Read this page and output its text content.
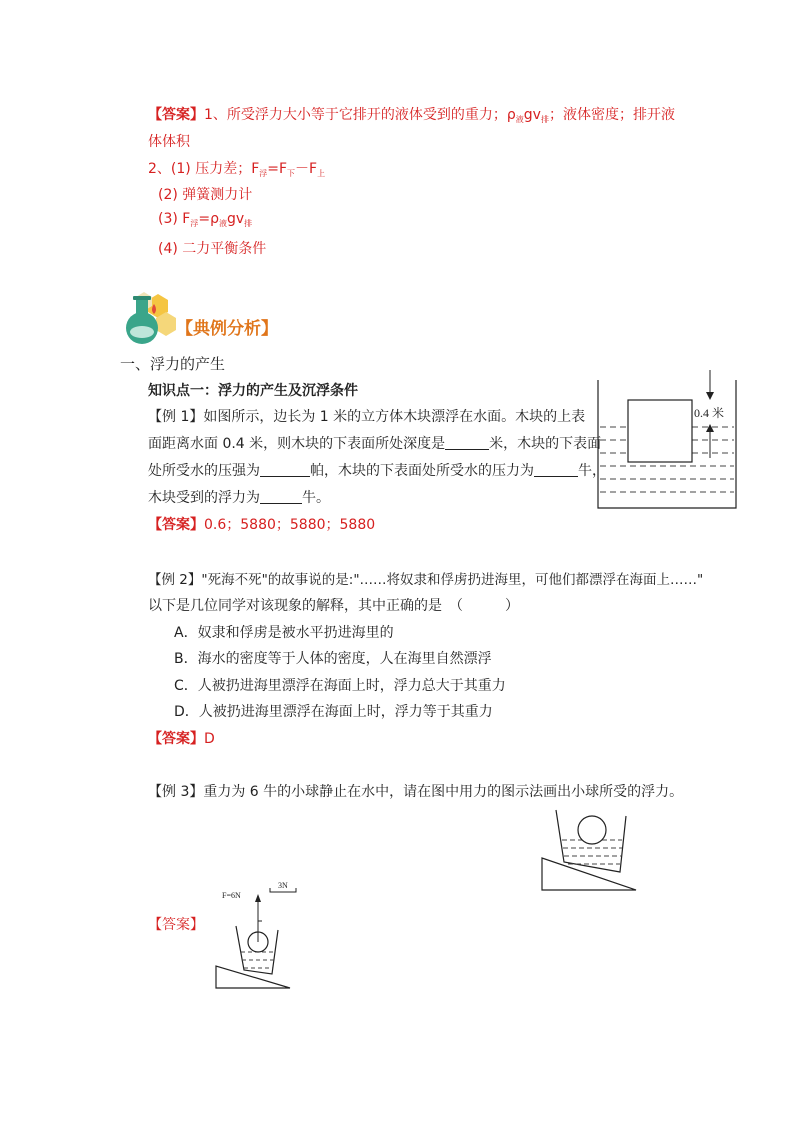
【答案】1、所受浮力大小等于它排开的液体受到的重力；$\rho_液gv_排$；液体密度；排开液
体体积
2、(1) 压力差；$F_浮=F_下-F_上$
(2) 弹簧测力计
(3) $F_浮=\rho_液gv_排$
(4) 二力平衡条件
【典例分析】
一、浮力的产生
知识点一：浮力的产生及沉浮条件
【例 1】如图所示，边长为 1 米的立方体木块漂浮在水面。木块的上表
面距离水面 0.4 米，则木块的下表面所处深度是	米，木块的下表面
处所受水的压强为	帕，木块的下表面处所受水的压力为	牛，
木块受到的浮力为	牛。
【答案】0.6；5880；5880；5880
0.4 米
【例 2】"死海不死"的故事说的是:"……将奴隶和俘虏扔进海里，可他们都漂浮在海面上……"
以下是几位同学对该现象的解释，其中正确的是　（　　　）
A．奴隶和俘虏是被水平扔进海里的
B．海水的密度等于人体的密度，人在海里自然漂浮
C．人被扔进海里漂浮在海面上时，浮力总大于其重力
D．人被扔进海里漂浮在海面上时，浮力等于其重力
【答案】D
【例 3】重力为 6 牛的小球静止在水中，请在图中用力的图示法画出小球所受的浮力。
【答案】
F=6N
3N
